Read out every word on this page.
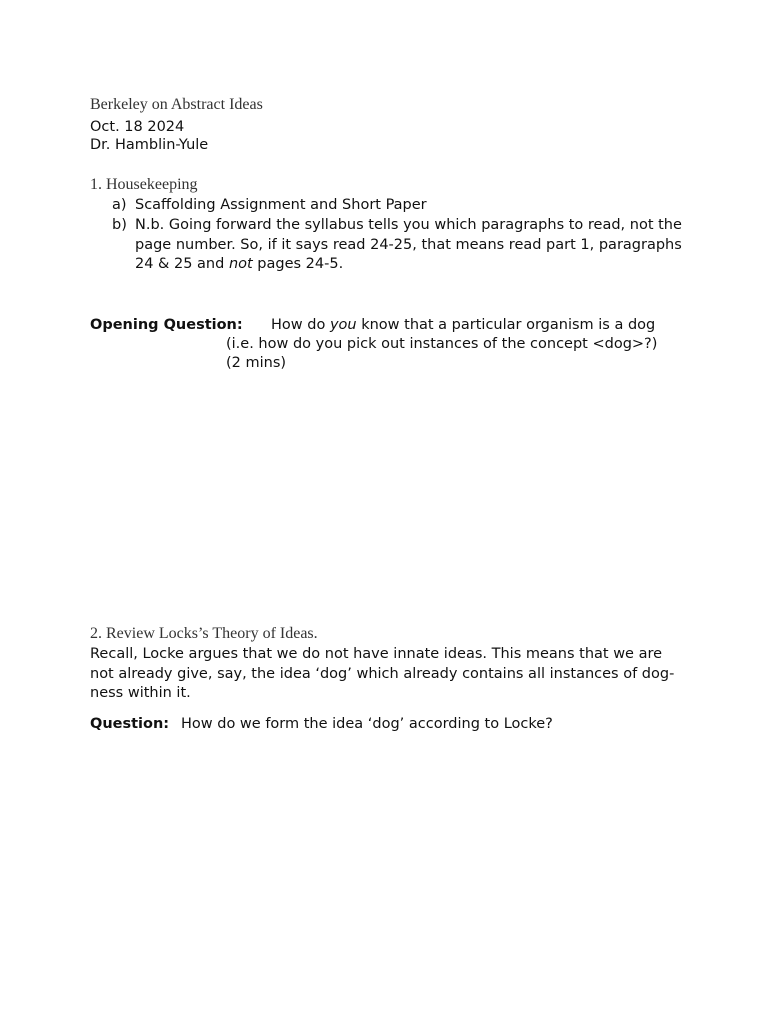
Berkeley on Abstract Ideas
Oct. 18 2024
Dr. Hamblin-Yule
1. Housekeeping
a) Scaffolding Assignment and Short Paper
b) N.b. Going forward the syllabus tells you which paragraphs to read, not the page number. So, if it says read 24-25, that means read part 1, paragraphs 24 & 25 and not pages 24-5.
Opening Question: How do you know that a particular organism is a dog
(i.e. how do you pick out instances of the concept <dog>?)
(2 mins)
2. Review Locks’s Theory of Ideas.
Recall, Locke argues that we do not have innate ideas. This means that we are not already give, say, the idea ‘dog’ which already contains all instances of dog-ness within it.
Question: How do we form the idea ‘dog’ according to Locke?
